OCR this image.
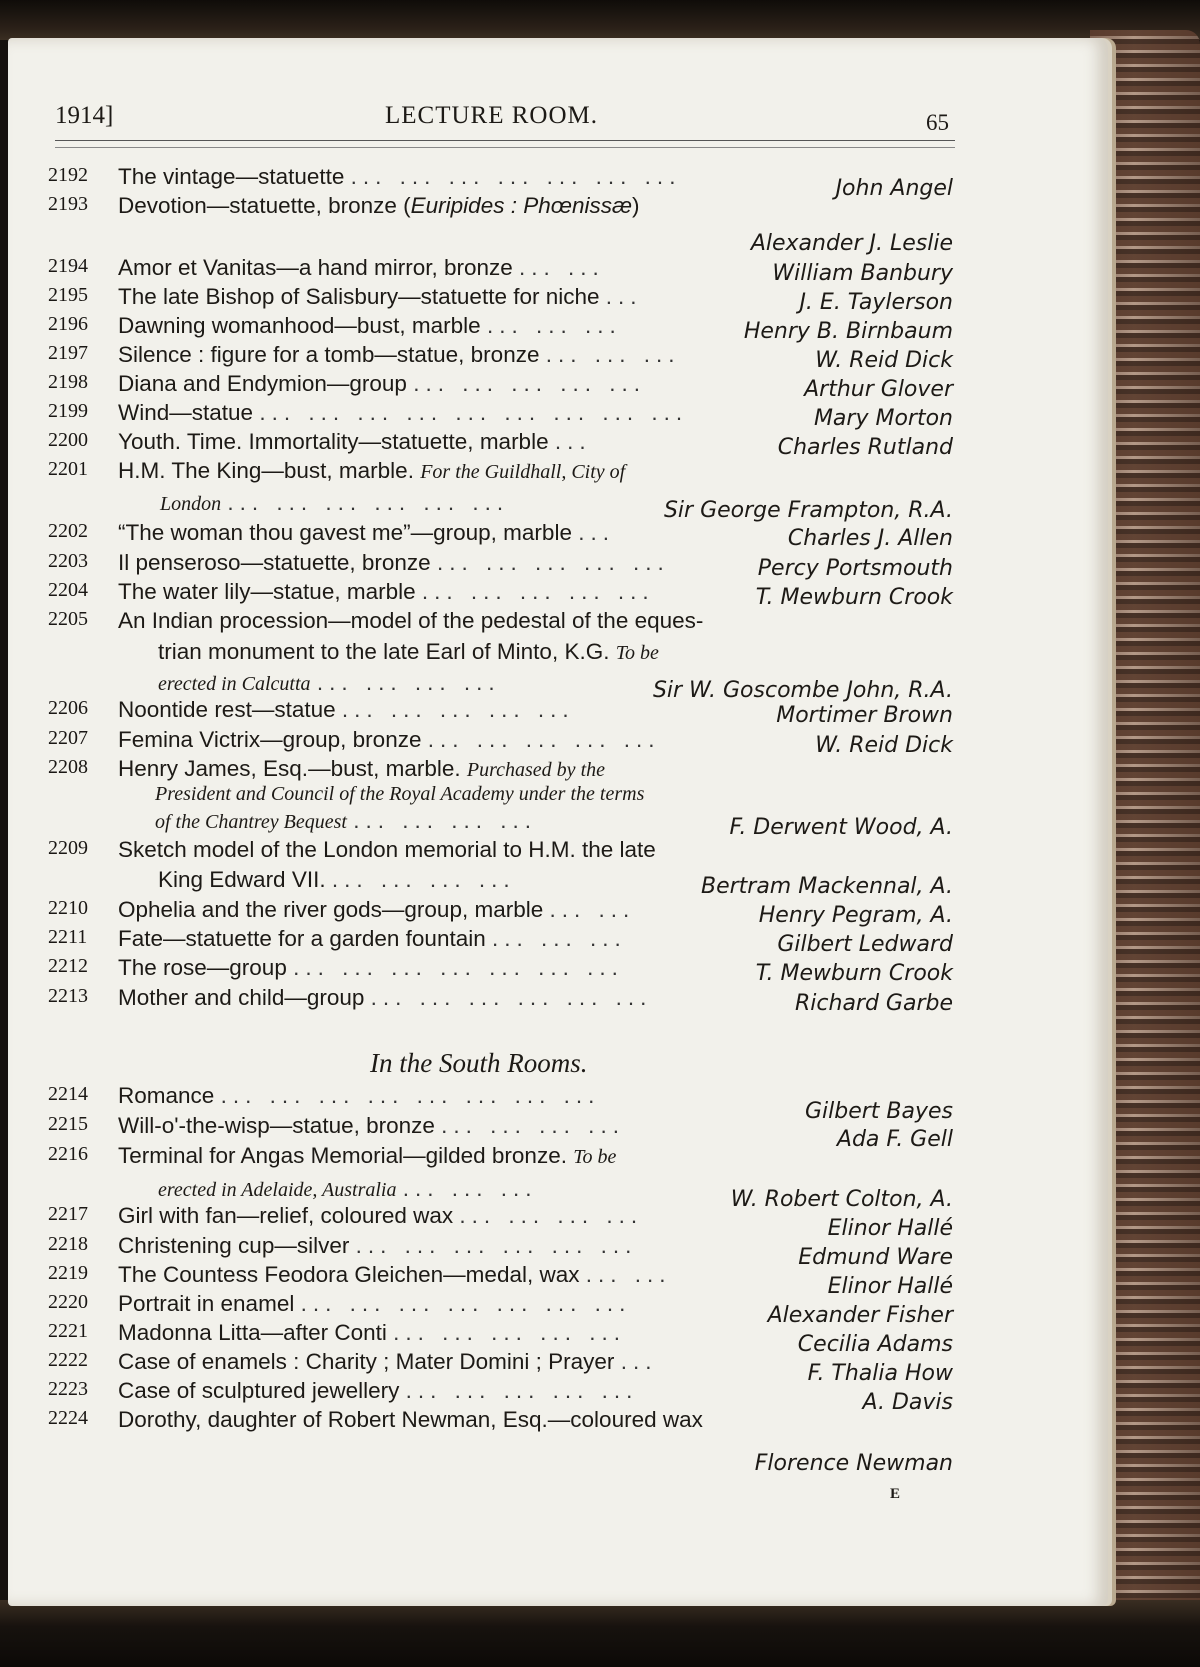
1914]	LECTURE ROOM.	65
2192	The vintage—statuette ... ... ... ... ... ... ...	John Angel
2193	Devotion—statuette, bronze (Euripides : Phœnissæ)
Alexander J. Leslie
2194	Amor et Vanitas—a hand mirror, bronze ... ...	William Banbury
2195	The late Bishop of Salisbury—statuette for niche ...	J. E. Taylerson
2196	Dawning womanhood—bust, marble ... ... ...	Henry B. Birnbaum
2197	Silence : figure for a tomb—statue, bronze ... ... ...	W. Reid Dick
2198	Diana and Endymion—group ... ... ... ... ...	Arthur Glover
2199	Wind—statue ... ... ... ... ... ... ... ... ...	Mary Morton
2200	Youth. Time. Immortality—statuette, marble ...	Charles Rutland
2201	H.M. The King—bust, marble. For the Guildhall, City of
London ... ... ... ... ... ...	Sir George Frampton, R.A.
2202	“The woman thou gavest me”—group, marble ...	Charles J. Allen
2203	Il penseroso—statuette, bronze ... ... ... ... ...	Percy Portsmouth
2204	The water lily—statue, marble ... ... ... ... ...	T. Mewburn Crook
2205	An Indian procession—model of the pedestal of the eques-
trian monument to the late Earl of Minto, K.G. To be
erected in Calcutta ... ... ... ...	Sir W. Goscombe John, R.A.
2206	Noontide rest—statue ... ... ... ... ...	Mortimer Brown
2207	Femina Victrix—group, bronze ... ... ... ... ...	W. Reid Dick
2208	Henry James, Esq.—bust, marble. Purchased by the
President and Council of the Royal Academy under the terms
of the Chantrey Bequest ... ... ... ...	F. Derwent Wood, A.
2209	Sketch model of the London memorial to H.M. the late
King Edward VII. ... ... ... ...	Bertram Mackennal, A.
2210	Ophelia and the river gods—group, marble ... ...	Henry Pegram, A.
2211	Fate—statuette for a garden fountain ... ... ...	Gilbert Ledward
2212	The rose—group ... ... ... ... ... ... ...	T. Mewburn Crook
2213	Mother and child—group ... ... ... ... ... ...	Richard Garbe
In the South Rooms.
2214	Romance ... ... ... ... ... ... ... ...
Gilbert Bayes
2215	Will-o'-the-wisp—statue, bronze ... ... ... ...
Ada F. Gell
2216	Terminal for Angas Memorial—gilded bronze. To be
erected in Adelaide, Australia ... ... ...	W. Robert Colton, A.
2217	Girl with fan—relief, coloured wax ... ... ... ...
Elinor Hallé
2218	Christening cup—silver ... ... ... ... ... ...	Edmund Ware
2219	The Countess Feodora Gleichen—medal, wax ... ...	Elinor Hallé
2220	Portrait in enamel ... ... ... ... ... ... ...	Alexander Fisher
2221	Madonna Litta—after Conti ... ... ... ... ...	Cecilia Adams
2222	Case of enamels : Charity ; Mater Domini ; Prayer ...	F. Thalia How
2223	Case of sculptured jewellery ... ... ... ... ...	A. Davis
2224	Dorothy, daughter of Robert Newman, Esq.—coloured wax
Florence Newman
E
